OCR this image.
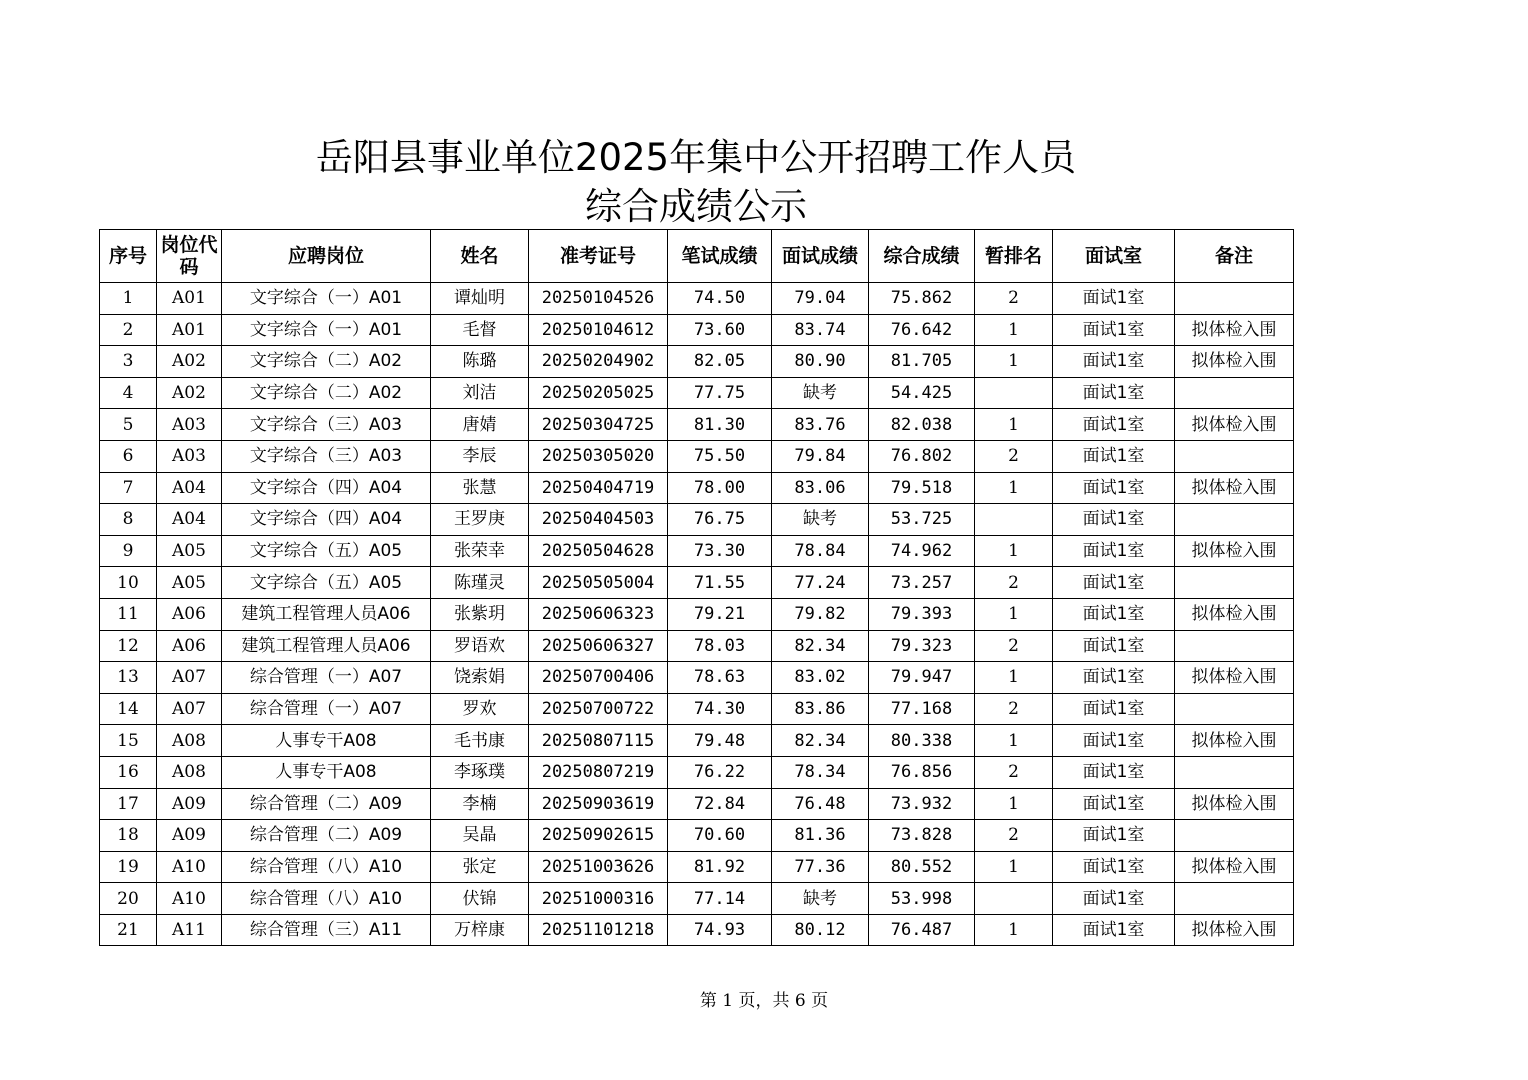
岳阳县事业单位2025年集中公开招聘工作人员
综合成绩公示
序号	岗位代码	应聘岗位	姓名	准考证号	笔试成绩	面试成绩	综合成绩	暂排名	面试室	备注
1	A01	文字综合（一）A01	谭灿明	20250104526	74.50	79.04	75.862	2	面试1室	
2	A01	文字综合（一）A01	毛督	20250104612	73.60	83.74	76.642	1	面试1室	拟体检入围
3	A02	文字综合（二）A02	陈璐	20250204902	82.05	80.90	81.705	1	面试1室	拟体检入围
4	A02	文字综合（二）A02	刘洁	20250205025	77.75	缺考	54.425		面试1室	
5	A03	文字综合（三）A03	唐婧	20250304725	81.30	83.76	82.038	1	面试1室	拟体检入围
6	A03	文字综合（三）A03	李辰	20250305020	75.50	79.84	76.802	2	面试1室	
7	A04	文字综合（四）A04	张慧	20250404719	78.00	83.06	79.518	1	面试1室	拟体检入围
8	A04	文字综合（四）A04	王罗庚	20250404503	76.75	缺考	53.725		面试1室	
9	A05	文字综合（五）A05	张荣幸	20250504628	73.30	78.84	74.962	1	面试1室	拟体检入围
10	A05	文字综合（五）A05	陈瑾灵	20250505004	71.55	77.24	73.257	2	面试1室	
11	A06	建筑工程管理人员A06	张紫玥	20250606323	79.21	79.82	79.393	1	面试1室	拟体检入围
12	A06	建筑工程管理人员A06	罗语欢	20250606327	78.03	82.34	79.323	2	面试1室	
13	A07	综合管理（一）A07	饶索娟	20250700406	78.63	83.02	79.947	1	面试1室	拟体检入围
14	A07	综合管理（一）A07	罗欢	20250700722	74.30	83.86	77.168	2	面试1室	
15	A08	人事专干A08	毛书康	20250807115	79.48	82.34	80.338	1	面试1室	拟体检入围
16	A08	人事专干A08	李琢璞	20250807219	76.22	78.34	76.856	2	面试1室	
17	A09	综合管理（二）A09	李楠	20250903619	72.84	76.48	73.932	1	面试1室	拟体检入围
18	A09	综合管理（二）A09	吴晶	20250902615	70.60	81.36	73.828	2	面试1室	
19	A10	综合管理（八）A10	张定	20251003626	81.92	77.36	80.552	1	面试1室	拟体检入围
20	A10	综合管理（八）A10	伏锦	20251000316	77.14	缺考	53.998		面试1室	
21	A11	综合管理（三）A11	万梓康	20251101218	74.93	80.12	76.487	1	面试1室	拟体检入围
第 1 页，共 6 页
